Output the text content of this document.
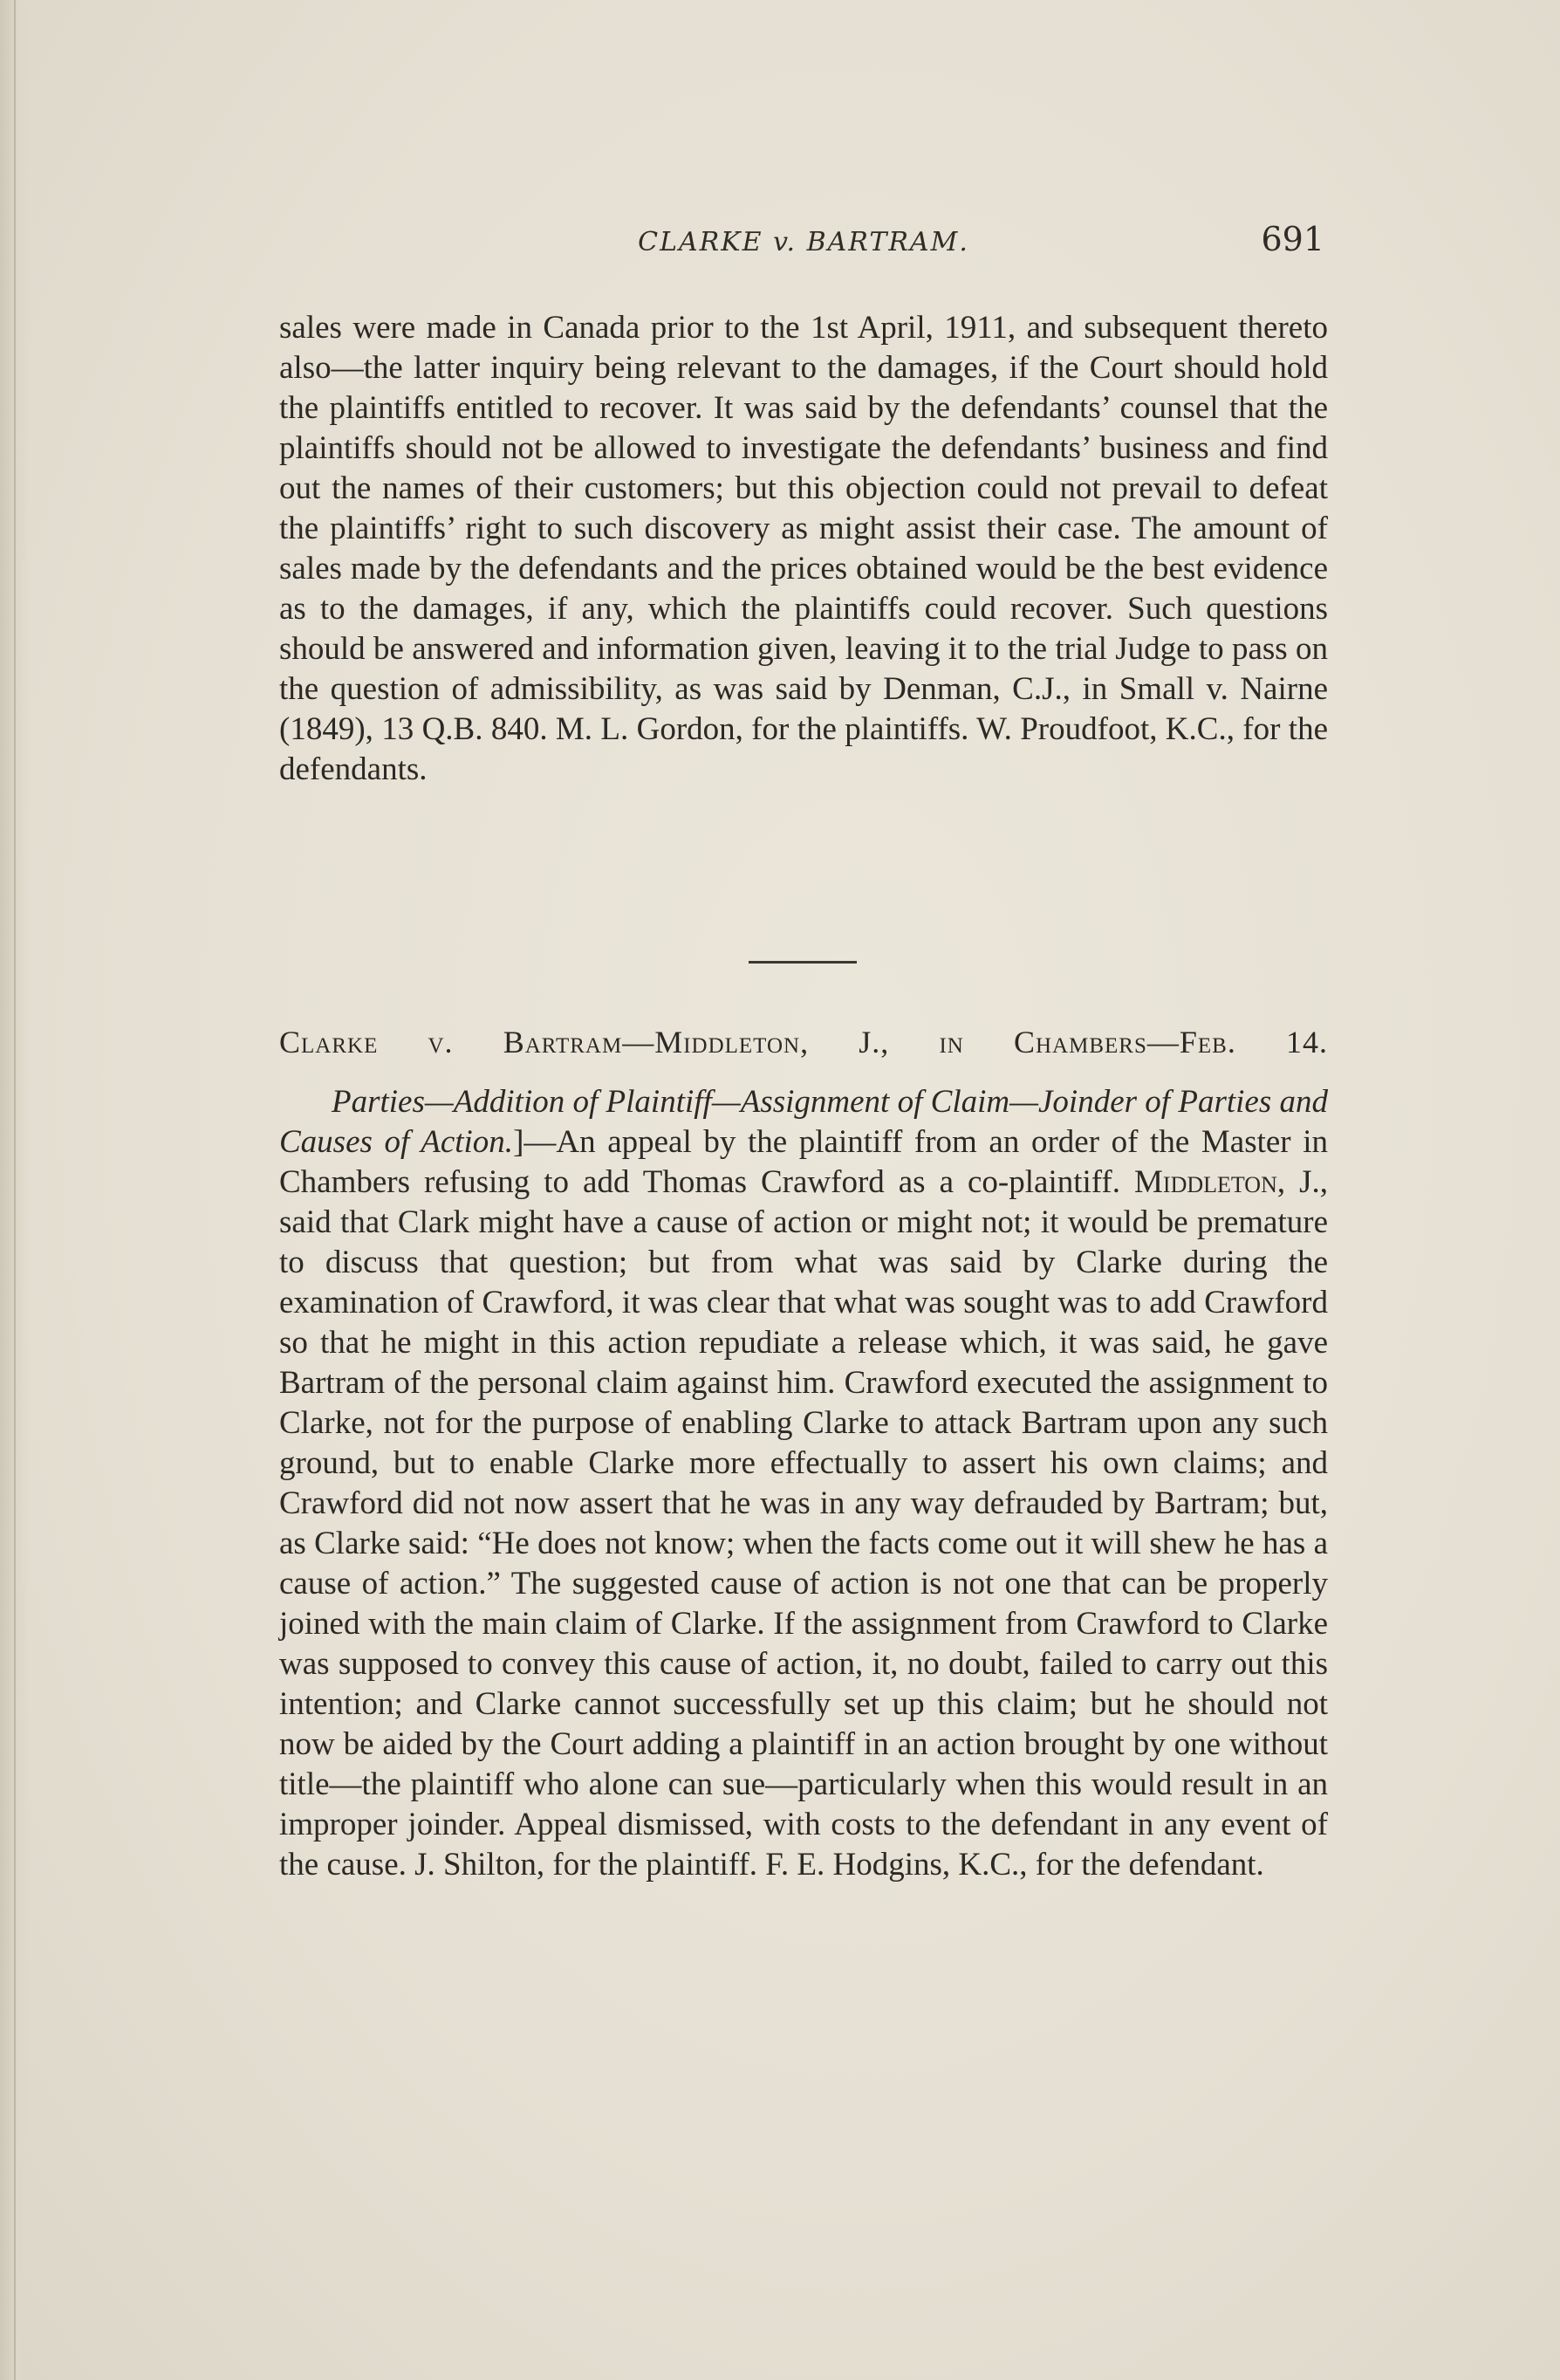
CLARKE v. BARTRAM.	691

sales were made in Canada prior to the 1st April, 1911, and subsequent thereto also—the latter inquiry being relevant to the damages, if the Court should hold the plaintiffs entitled to recover. It was said by the defendants’ counsel that the plaintiffs should not be allowed to investigate the defendants’ business and find out the names of their customers; but this objection could not prevail to defeat the plaintiffs’ right to such discovery as might assist their case. The amount of sales made by the defendants and the prices obtained would be the best evidence as to the damages, if any, which the plaintiffs could recover. Such questions should be answered and information given, leaving it to the trial Judge to pass on the question of admissibility, as was said by Denman, C.J., in Small v. Nairne (1849), 13 Q.B. 840. M. L. Gordon, for the plaintiffs. W. Proudfoot, K.C., for the defendants.

Clarke v. Bartram—Middleton, J., in Chambers—Feb. 14.

Parties—Addition of Plaintiff—Assignment of Claim—Joinder of Parties and Causes of Action.]—An appeal by the plaintiff from an order of the Master in Chambers refusing to add Thomas Crawford as a co-plaintiff. Middleton, J., said that Clark might have a cause of action or might not; it would be premature to discuss that question; but from what was said by Clarke during the examination of Crawford, it was clear that what was sought was to add Crawford so that he might in this action repudiate a release which, it was said, he gave Bartram of the personal claim against him. Crawford executed the assignment to Clarke, not for the purpose of enabling Clarke to attack Bartram upon any such ground, but to enable Clarke more effectually to assert his own claims; and Crawford did not now assert that he was in any way defrauded by Bartram; but, as Clarke said: “He does not know; when the facts come out it will shew he has a cause of action.” The suggested cause of action is not one that can be properly joined with the main claim of Clarke. If the assignment from Crawford to Clarke was supposed to convey this cause of action, it, no doubt, failed to carry out this intention; and Clarke cannot successfully set up this claim; but he should not now be aided by the Court adding a plaintiff in an action brought by one without title—the plaintiff who alone can sue—particularly when this would result in an improper joinder. Appeal dismissed, with costs to the defendant in any event of the cause. J. Shilton, for the plaintiff. F. E. Hodgins, K.C., for the defendant.
